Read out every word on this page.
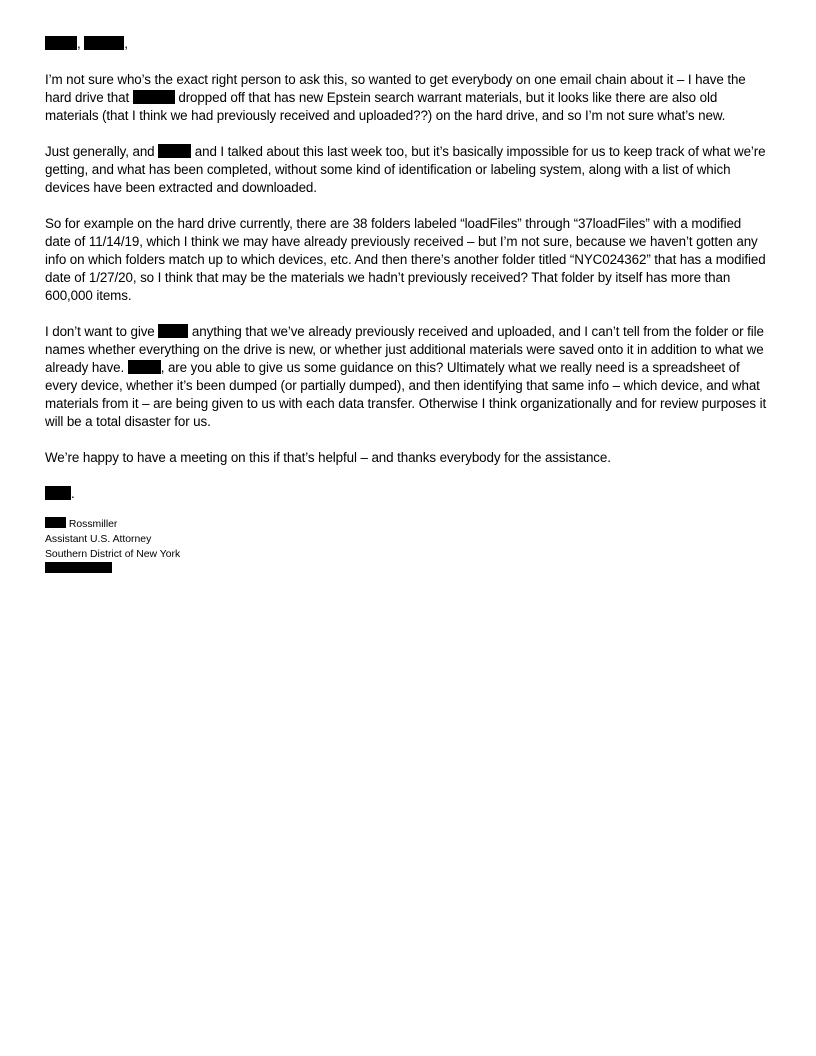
,	,

I’m not sure who’s the exact right person to ask this, so wanted to get everybody on one email chain about it – I have the hard drive that	dropped off that has new Epstein search warrant materials, but it looks like there are also old materials (that I think we had previously received and uploaded??) on the hard drive, and so I’m not sure what’s new.

Just generally, and  and I talked about this last week too, but it’s basically impossible for us to keep track of what we’re getting, and what has been completed, without some kind of identification or labeling system, along with a list of which devices have been extracted and downloaded.

So for example on the hard drive currently, there are 38 folders labeled “loadFiles” through “37loadFiles” with a modified date of 11/14/19, which I think we may have already previously received – but I’m not sure, because we haven’t gotten any info on which folders match up to which devices, etc. And then there’s another folder titled “NYC024362” that has a modified date of 1/27/20, so I think that may be the materials we hadn’t previously received? That folder by itself has more than 600,000 items.

I don’t want to give  anything that we’ve already previously received and uploaded, and I can’t tell from the folder or file names whether everything on the drive is new, or whether just additional materials were saved onto it in addition to what we already have. , are you able to give us some guidance on this? Ultimately what we really need is a spreadsheet of every device, whether it’s been dumped (or partially dumped), and then identifying that same info – which device, and what materials from it – are being given to us with each data transfer. Otherwise I think organizationally and for review purposes it will be a total disaster for us.

We’re happy to have a meeting on this if that’s helpful – and thanks everybody for the assistance.

.

Rossmiller

Assistant U.S. Attorney

Southern District of New York
